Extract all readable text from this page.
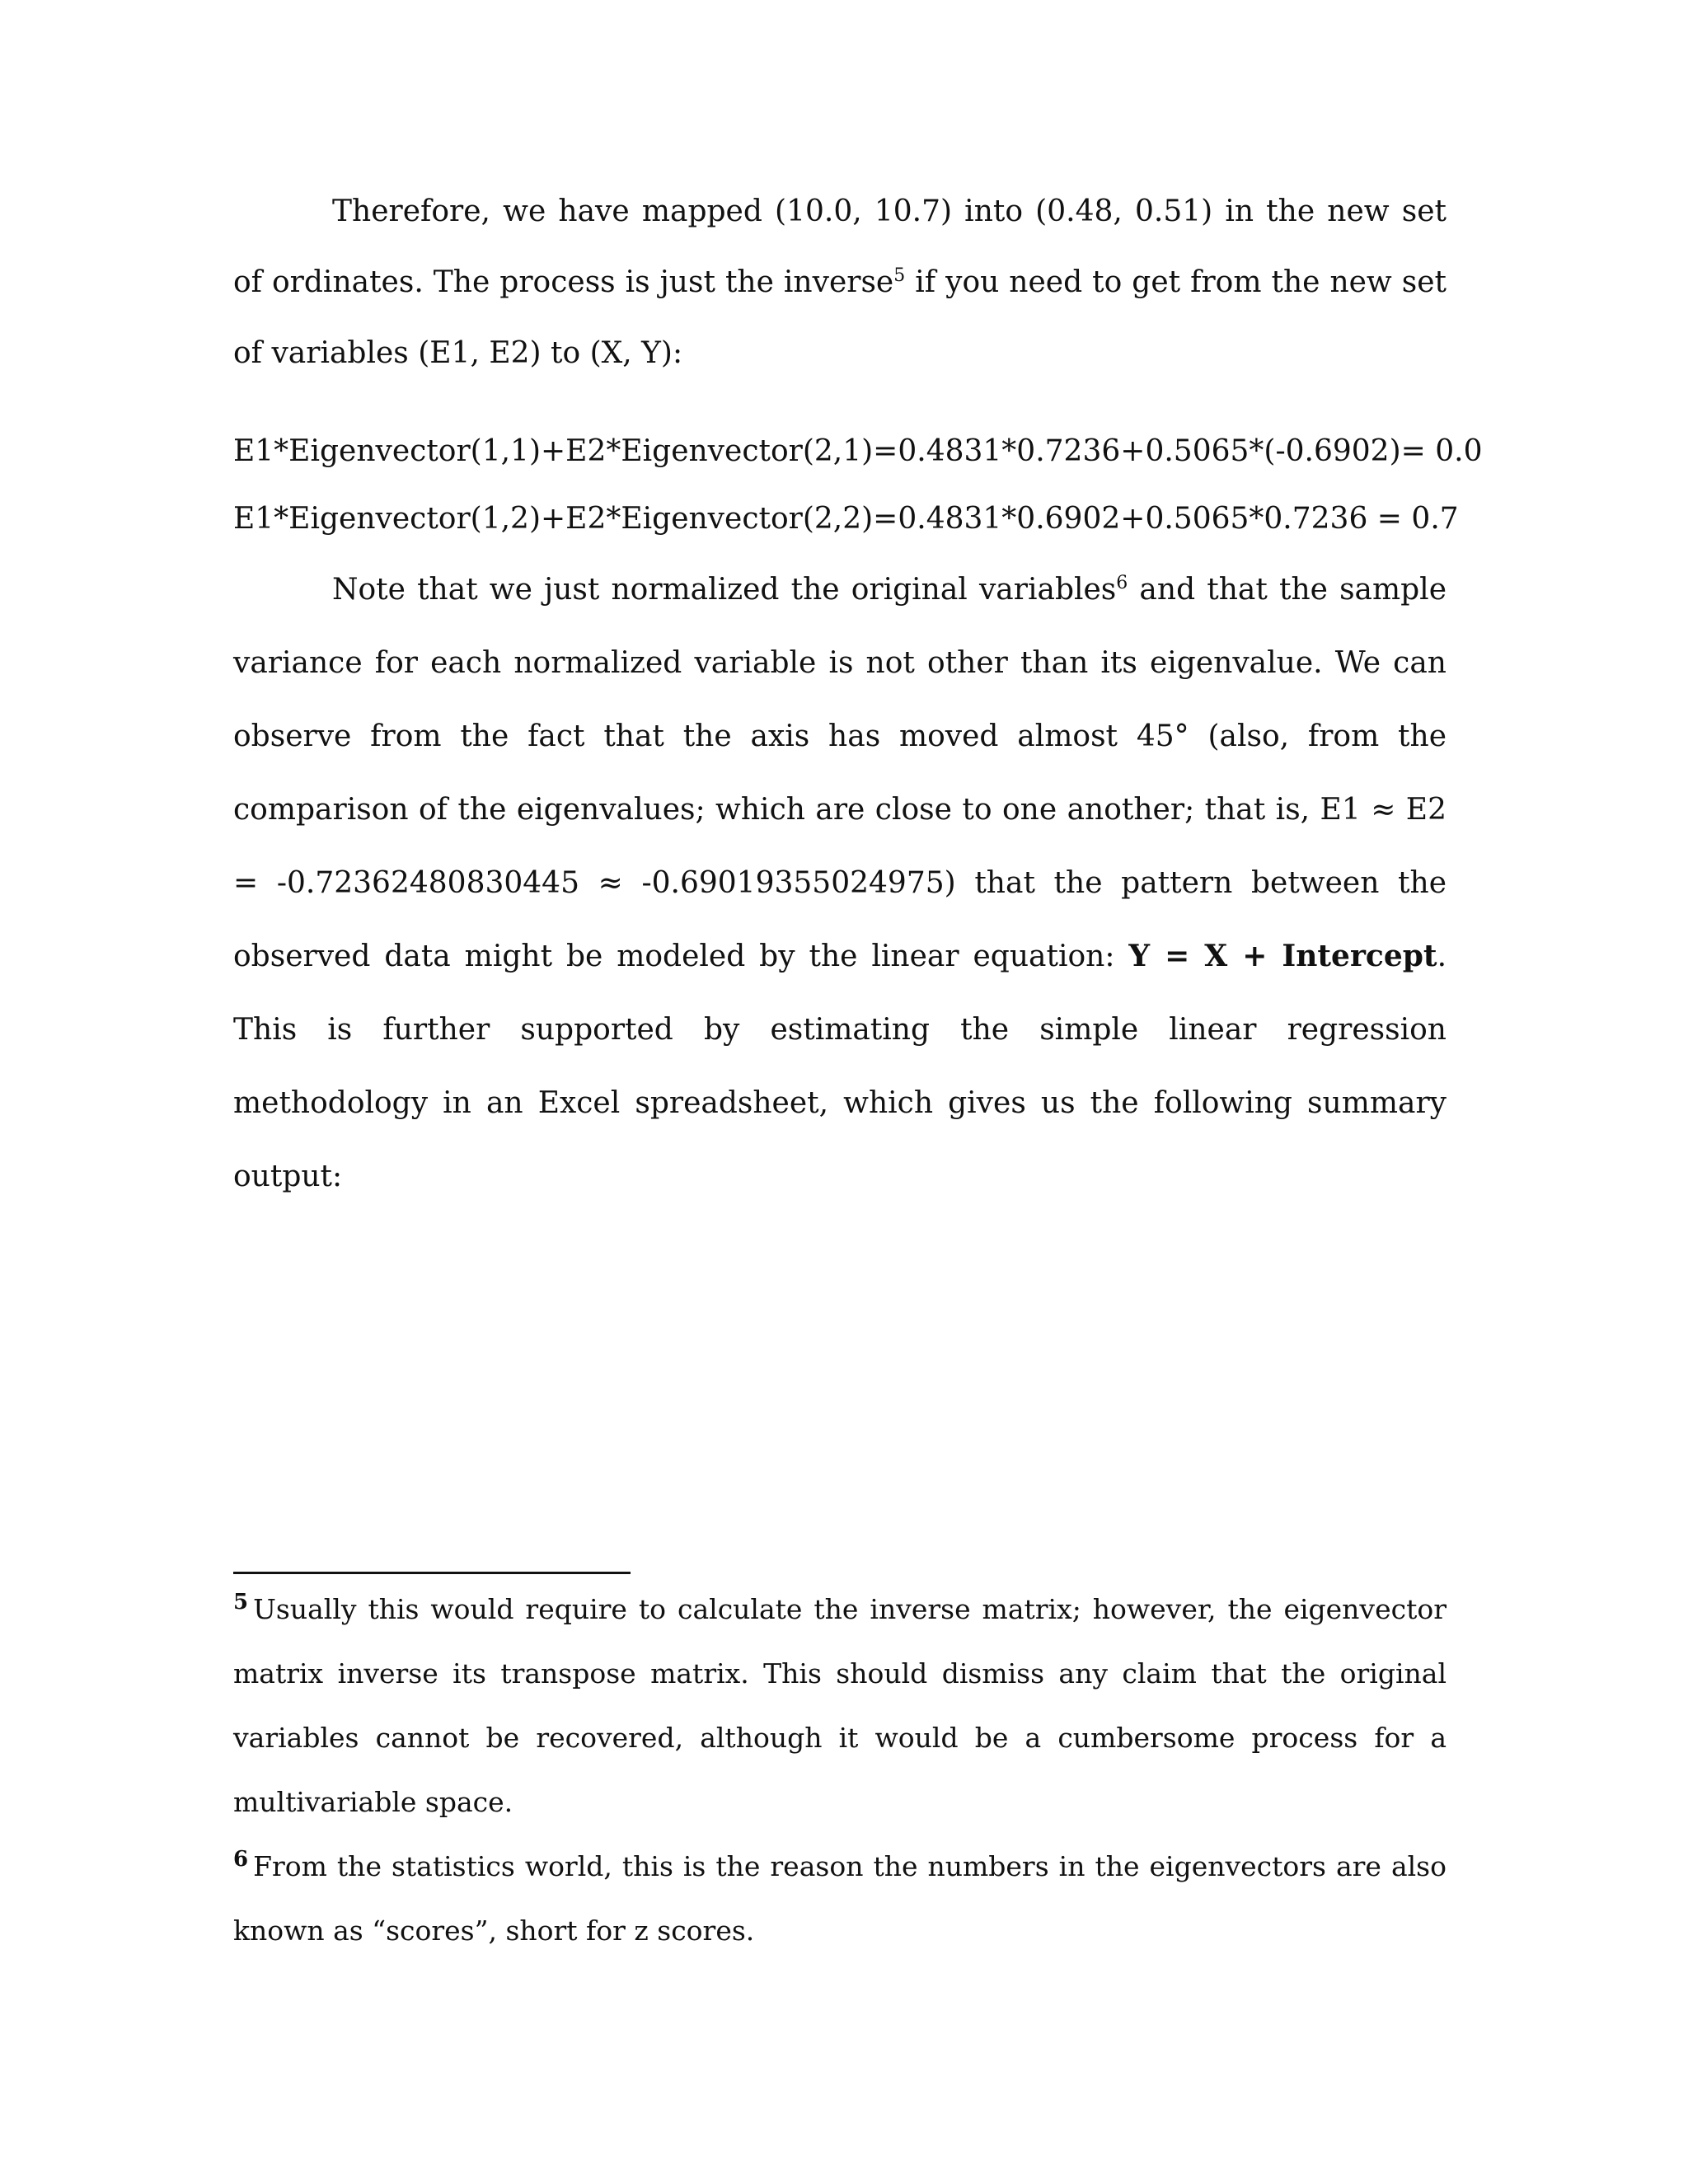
Therefore, we have mapped (10.0, 10.7) into (0.48, 0.51) in the new set of ordinates. The process is just the inverse$^5$ if you need to get from the new set of variables (E1, E2) to (X, Y):

E1*Eigenvector(1,1)+E2*Eigenvector(2,1)=0.4831*0.7236+0.5065*(-0.6902)= 0.0

E1*Eigenvector(1,2)+E2*Eigenvector(2,2)=0.4831*0.6902+0.5065*0.7236 = 0.7

Note that we just normalized the original variables$^6$ and that the sample variance for each normalized variable is not other than its eigenvalue. We can observe from the fact that the axis has moved almost 45° (also, from the comparison of the eigenvalues; which are close to one another; that is, E1 ≈ E2 = -0.72362480830445 ≈ -0.69019355024975) that the pattern between the observed data might be modeled by the linear equation: Y = X + Intercept. This is further supported by estimating the simple linear regression methodology in an Excel spreadsheet, which gives us the following summary output:

$^5$ Usually this would require to calculate the inverse matrix; however, the eigenvector matrix inverse its transpose matrix. This should dismiss any claim that the original variables cannot be recovered, although it would be a cumbersome process for a multivariable space.

$^6$ From the statistics world, this is the reason the numbers in the eigenvectors are also known as “scores”, short for z scores.
